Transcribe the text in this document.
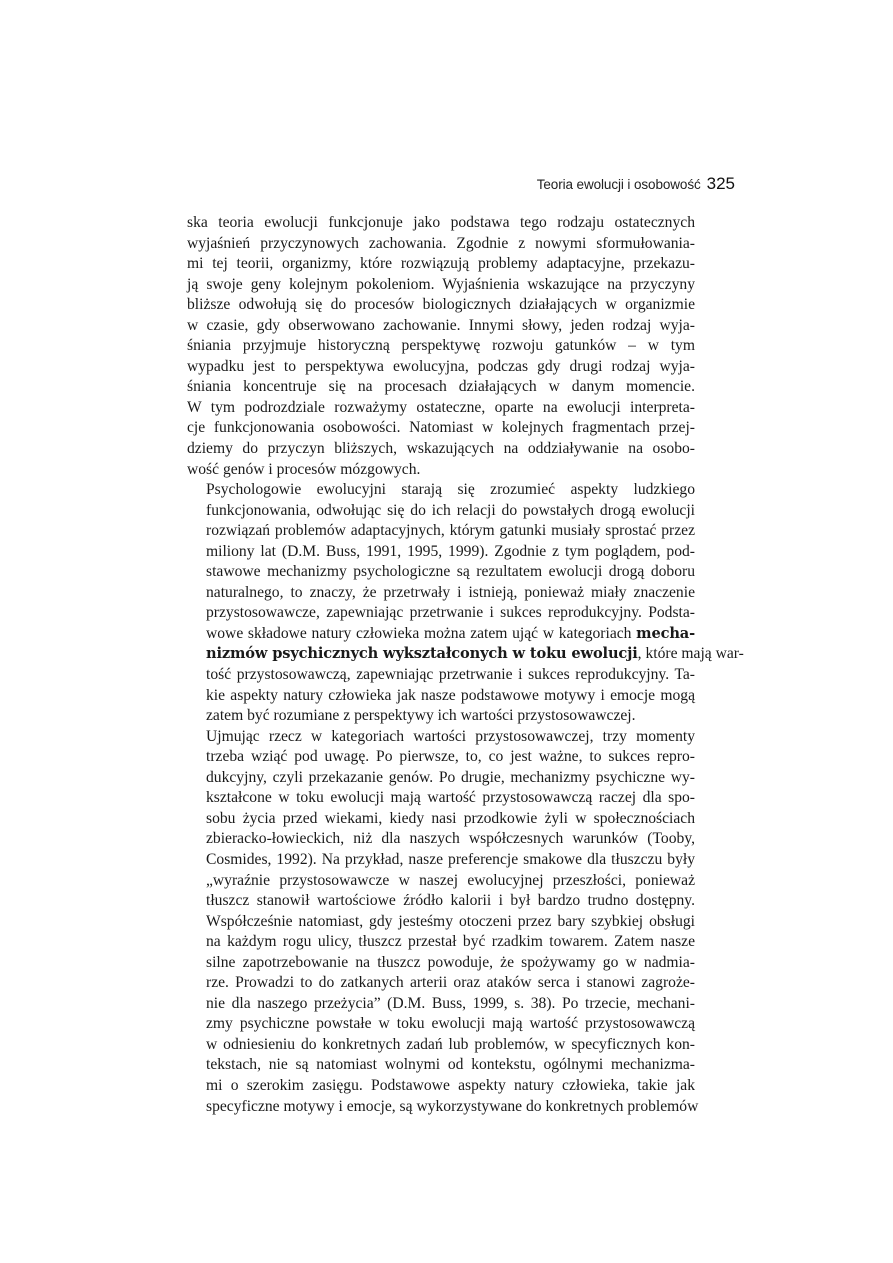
Teoria ewolucji i osobowość 325
ska teoria ewolucji funkcjonuje jako podstawa tego rodzaju ostatecznych
wyjaśnień przyczynowych zachowania. Zgodnie z nowymi sformułowania-
mi tej teorii, organizmy, które rozwiązują problemy adaptacyjne, przekazu-
ją swoje geny kolejnym pokoleniom. Wyjaśnienia wskazujące na przyczyny
bliższe odwołują się do procesów biologicznych działających w organizmie
w czasie, gdy obserwowano zachowanie. Innymi słowy, jeden rodzaj wyja-
śniania przyjmuje historyczną perspektywę rozwoju gatunków – w tym
wypadku jest to perspektywa ewolucyjna, podczas gdy drugi rodzaj wyja-
śniania koncentruje się na procesach działających w danym momencie.
W tym podrozdziale rozważymy ostateczne, oparte na ewolucji interpreta-
cje funkcjonowania osobowości. Natomiast w kolejnych fragmentach przej-
dziemy do przyczyn bliższych, wskazujących na oddziaływanie na osobo-
wość genów i procesów mózgowych.
Psychologowie ewolucyjni starają się zrozumieć aspekty ludzkiego
funkcjonowania, odwołując się do ich relacji do powstałych drogą ewolucji
rozwiązań problemów adaptacyjnych, którym gatunki musiały sprostać przez
miliony lat (D.M. Buss, 1991, 1995, 1999). Zgodnie z tym poglądem, pod-
stawowe mechanizmy psychologiczne są rezultatem ewolucji drogą doboru
naturalnego, to znaczy, że przetrwały i istnieją, ponieważ miały znaczenie
przystosowawcze, zapewniając przetrwanie i sukces reprodukcyjny. Podsta-
wowe składowe natury człowieka można zatem ująć w kategoriach mecha-
nizmów psychicznych wykształconych w toku ewolucji, które mają war-
tość przystosowawczą, zapewniając przetrwanie i sukces reprodukcyjny. Ta-
kie aspekty natury człowieka jak nasze podstawowe motywy i emocje mogą
zatem być rozumiane z perspektywy ich wartości przystosowawczej.
Ujmując rzecz w kategoriach wartości przystosowawczej, trzy momenty
trzeba wziąć pod uwagę. Po pierwsze, to, co jest ważne, to sukces repro-
dukcyjny, czyli przekazanie genów. Po drugie, mechanizmy psychiczne wy-
kształcone w toku ewolucji mają wartość przystosowawczą raczej dla spo-
sobu życia przed wiekami, kiedy nasi przodkowie żyli w społecznościach
zbieracko-łowieckich, niż dla naszych współczesnych warunków (Tooby,
Cosmides, 1992). Na przykład, nasze preferencje smakowe dla tłuszczu były
„wyraźnie przystosowawcze w naszej ewolucyjnej przeszłości, ponieważ
tłuszcz stanowił wartościowe źródło kalorii i był bardzo trudno dostępny.
Współcześnie natomiast, gdy jesteśmy otoczeni przez bary szybkiej obsługi
na każdym rogu ulicy, tłuszcz przestał być rzadkim towarem. Zatem nasze
silne zapotrzebowanie na tłuszcz powoduje, że spożywamy go w nadmia-
rze. Prowadzi to do zatkanych arterii oraz ataków serca i stanowi zagroże-
nie dla naszego przeżycia” (D.M. Buss, 1999, s. 38). Po trzecie, mechani-
zmy psychiczne powstałe w toku ewolucji mają wartość przystosowawczą
w odniesieniu do konkretnych zadań lub problemów, w specyficznych kon-
tekstach, nie są natomiast wolnymi od kontekstu, ogólnymi mechanizma-
mi o szerokim zasięgu. Podstawowe aspekty natury człowieka, takie jak
specyficzne motywy i emocje, są wykorzystywane do konkretnych problemów
